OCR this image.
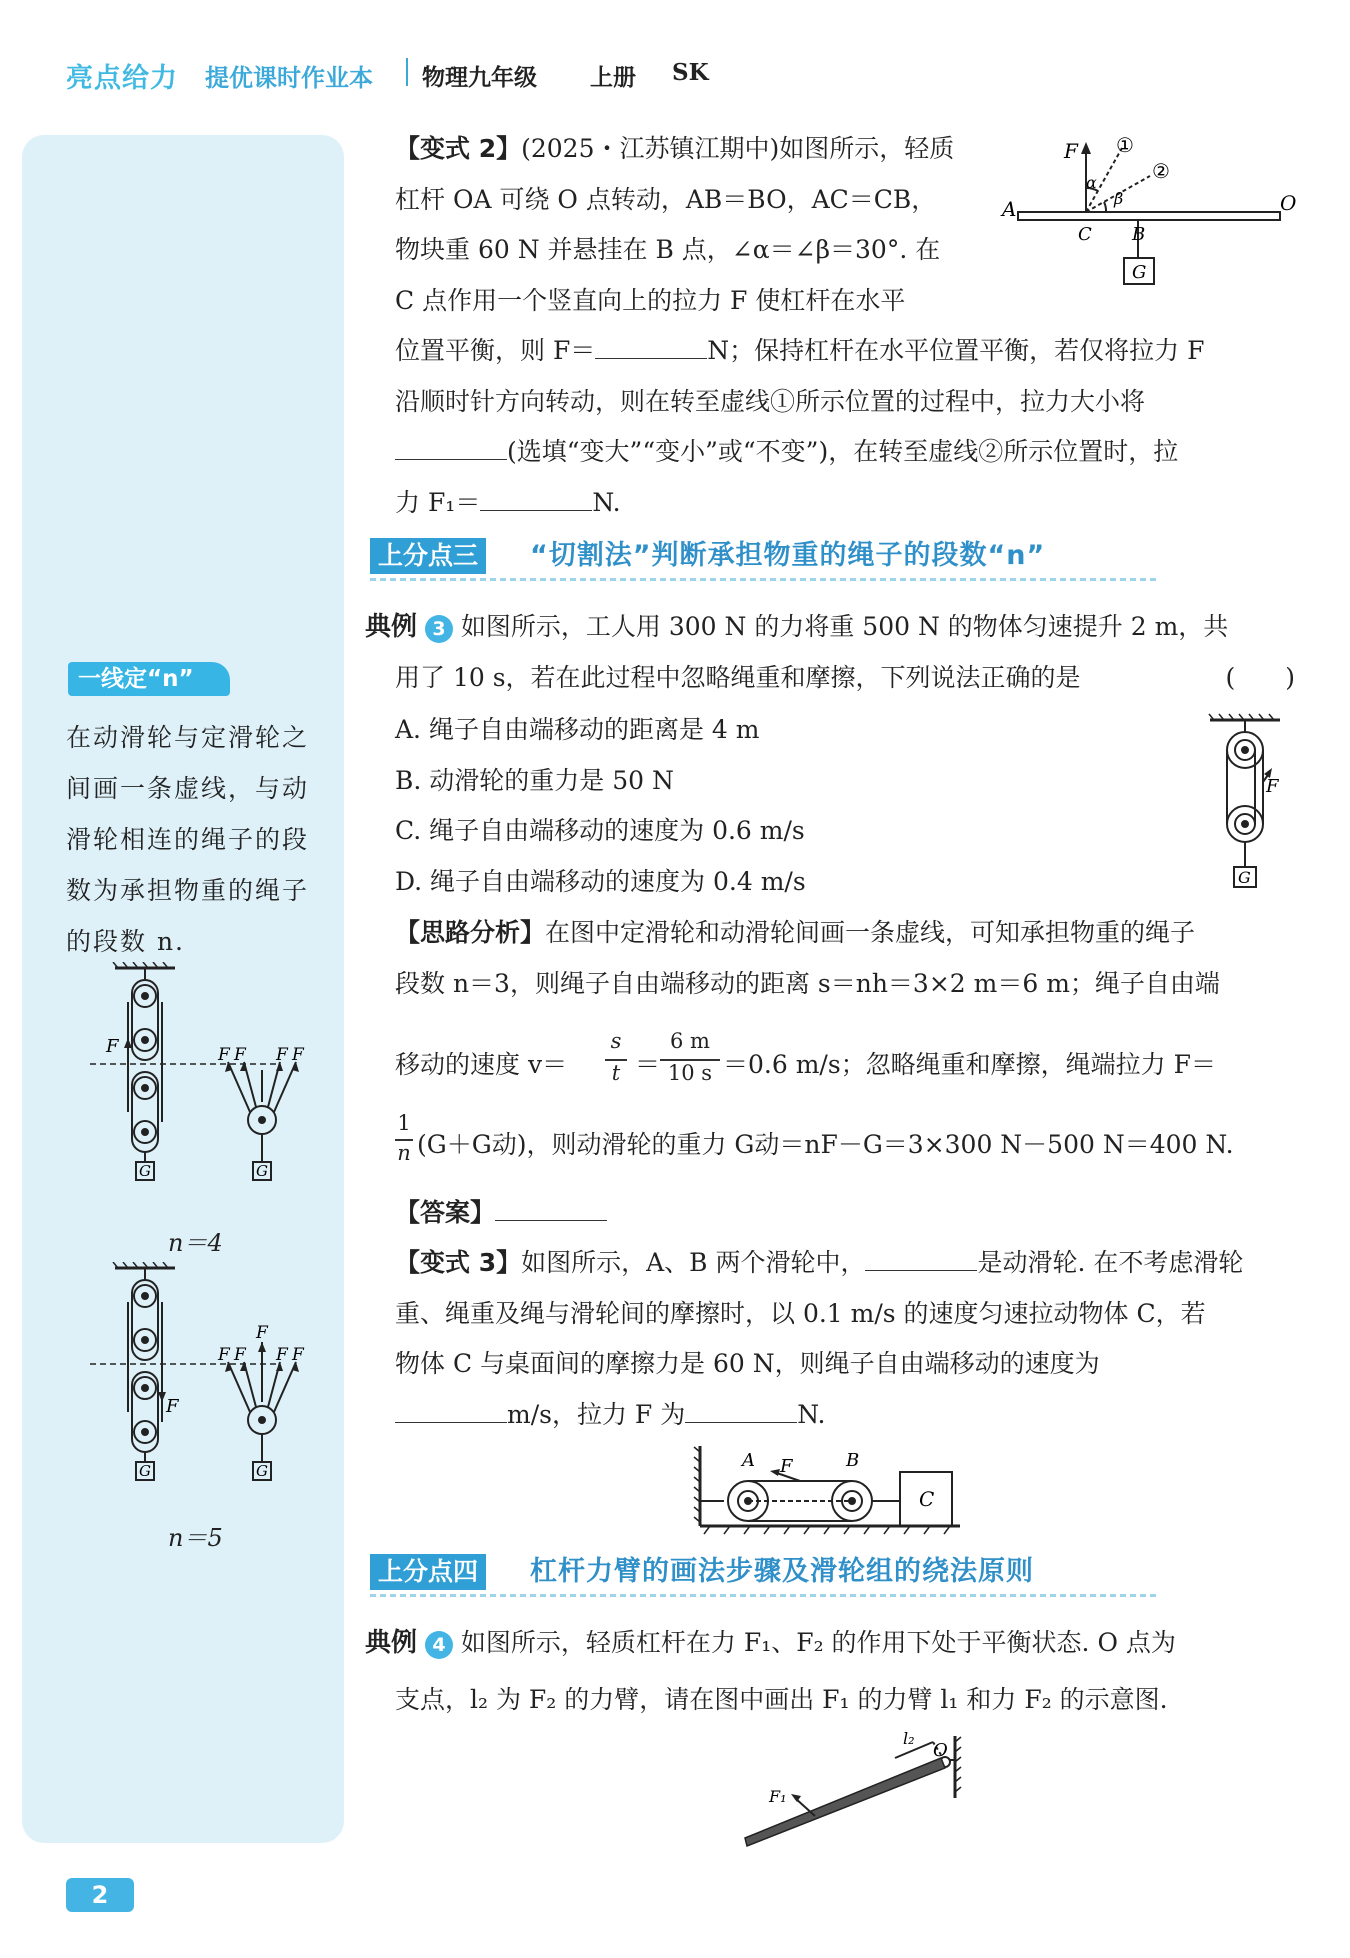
亮点给力 提优课时作业本 物理九年级 上册 SK
一线定“n”
在动滑轮与定滑轮之间画一条虚线，与动滑轮相连的绳子的段数为承担物重的绳子的段数 n.
F	F F F F
G	G
n＝4
F
F
F F F F
G	G
n＝5
【变式 2】(2025・江苏镇江期中)如图所示，轻质
杠杆 OA 可绕 O 点转动，AB＝BO，AC＝CB，
物块重 60 N 并悬挂在 B 点，∠α＝∠β＝30°. 在
C 点作用一个竖直向上的拉力 F 使杠杆在水平
位置平衡，则 F＝	N；保持杠杆在水平位置平衡，若仅将拉力 F
沿顺时针方向转动，则在转至虚线①所示位置的过程中，拉力大小将
(选填“变大”“变小”或“不变”)，在转至虚线②所示位置时，拉
力 F₁＝	N.
F ①
②
α
β
A	O
C B
G
上分点三 “切割法”判断承担物重的绳子的段数“n”
典例 3 如图所示，工人用 300 N 的力将重 500 N 的物体匀速提升 2 m，共
用了 10 s，若在此过程中忽略绳重和摩擦，下列说法正确的是	(　　)
A. 绳子自由端移动的距离是 4 m
B. 动滑轮的重力是 50 N
C. 绳子自由端移动的速度为 0.6 m/s
D. 绳子自由端移动的速度为 0.4 m/s
F
G
【思路分析】在图中定滑轮和动滑轮间画一条虚线，可知承担物重的绳子
段数 n＝3，则绳子自由端移动的距离 s＝nh＝3×2 m＝6 m；绳子自由端
移动的速度 v＝
s
t ＝
6 m
10 s ＝0.6 m/s；忽略绳重和摩擦，绳端拉力 F＝
1
n (G＋G动)，则动滑轮的重力 G动＝nF－G＝3×300 N－500 N＝400 N.
【答案】
【变式 3】如图所示，A、B 两个滑轮中，	是动滑轮. 在不考虑滑轮
重、绳重及绳与滑轮间的摩擦时，以 0.1 m/s 的速度匀速拉动物体 C，若
物体 C 与桌面间的摩擦力是 60 N，则绳子自由端移动的速度为
m/s，拉力 F 为	N.
A F	B
C
上分点四 杠杆力臂的画法步骤及滑轮组的绕法原则
典例 4 如图所示，轻质杠杆在力 F₁、F₂ 的作用下处于平衡状态. O 点为
支点，l₂ 为 F₂ 的力臂，请在图中画出 F₁ 的力臂 l₁ 和力 F₂ 的示意图.
l₂
O
F₁
2
